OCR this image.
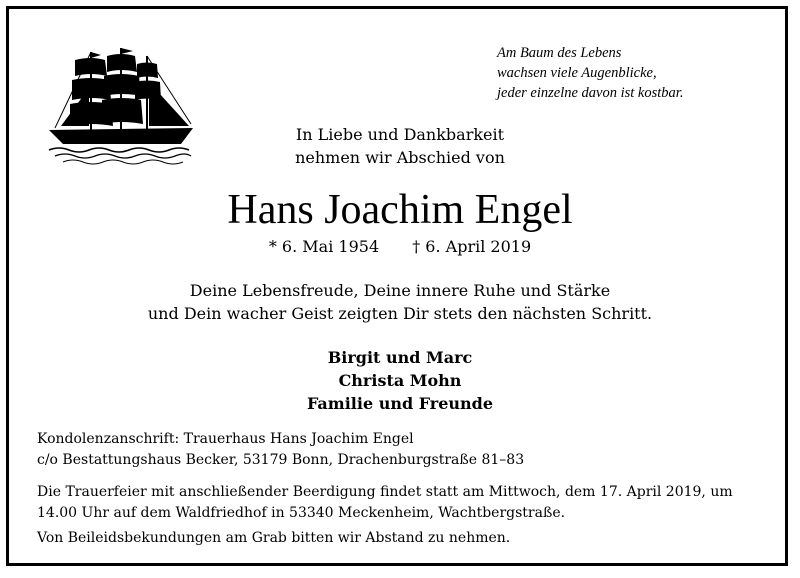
Am Baum des Lebens
wachsen viele Augenblicke,
jeder einzelne davon ist kostbar.
In Liebe und Dankbarkeit
nehmen wir Abschied von
Hans Joachim Engel
* 6. Mai 1954 † 6. April 2019
Deine Lebensfreude, Deine innere Ruhe und Stärke
und Dein wacher Geist zeigten Dir stets den nächsten Schritt.
Birgit und Marc
Christa Mohn
Familie und Freunde
Kondolenzanschrift: Trauerhaus Hans Joachim Engel
c/o Bestattungshaus Becker, 53179 Bonn, Drachenburgstraße 81–83
Die Trauerfeier mit anschließender Beerdigung findet statt am Mittwoch, dem 17. April 2019, um
14.00 Uhr auf dem Waldfriedhof in 53340 Meckenheim, Wachtbergstraße.
Von Beileidsbekundungen am Grab bitten wir Abstand zu nehmen.
